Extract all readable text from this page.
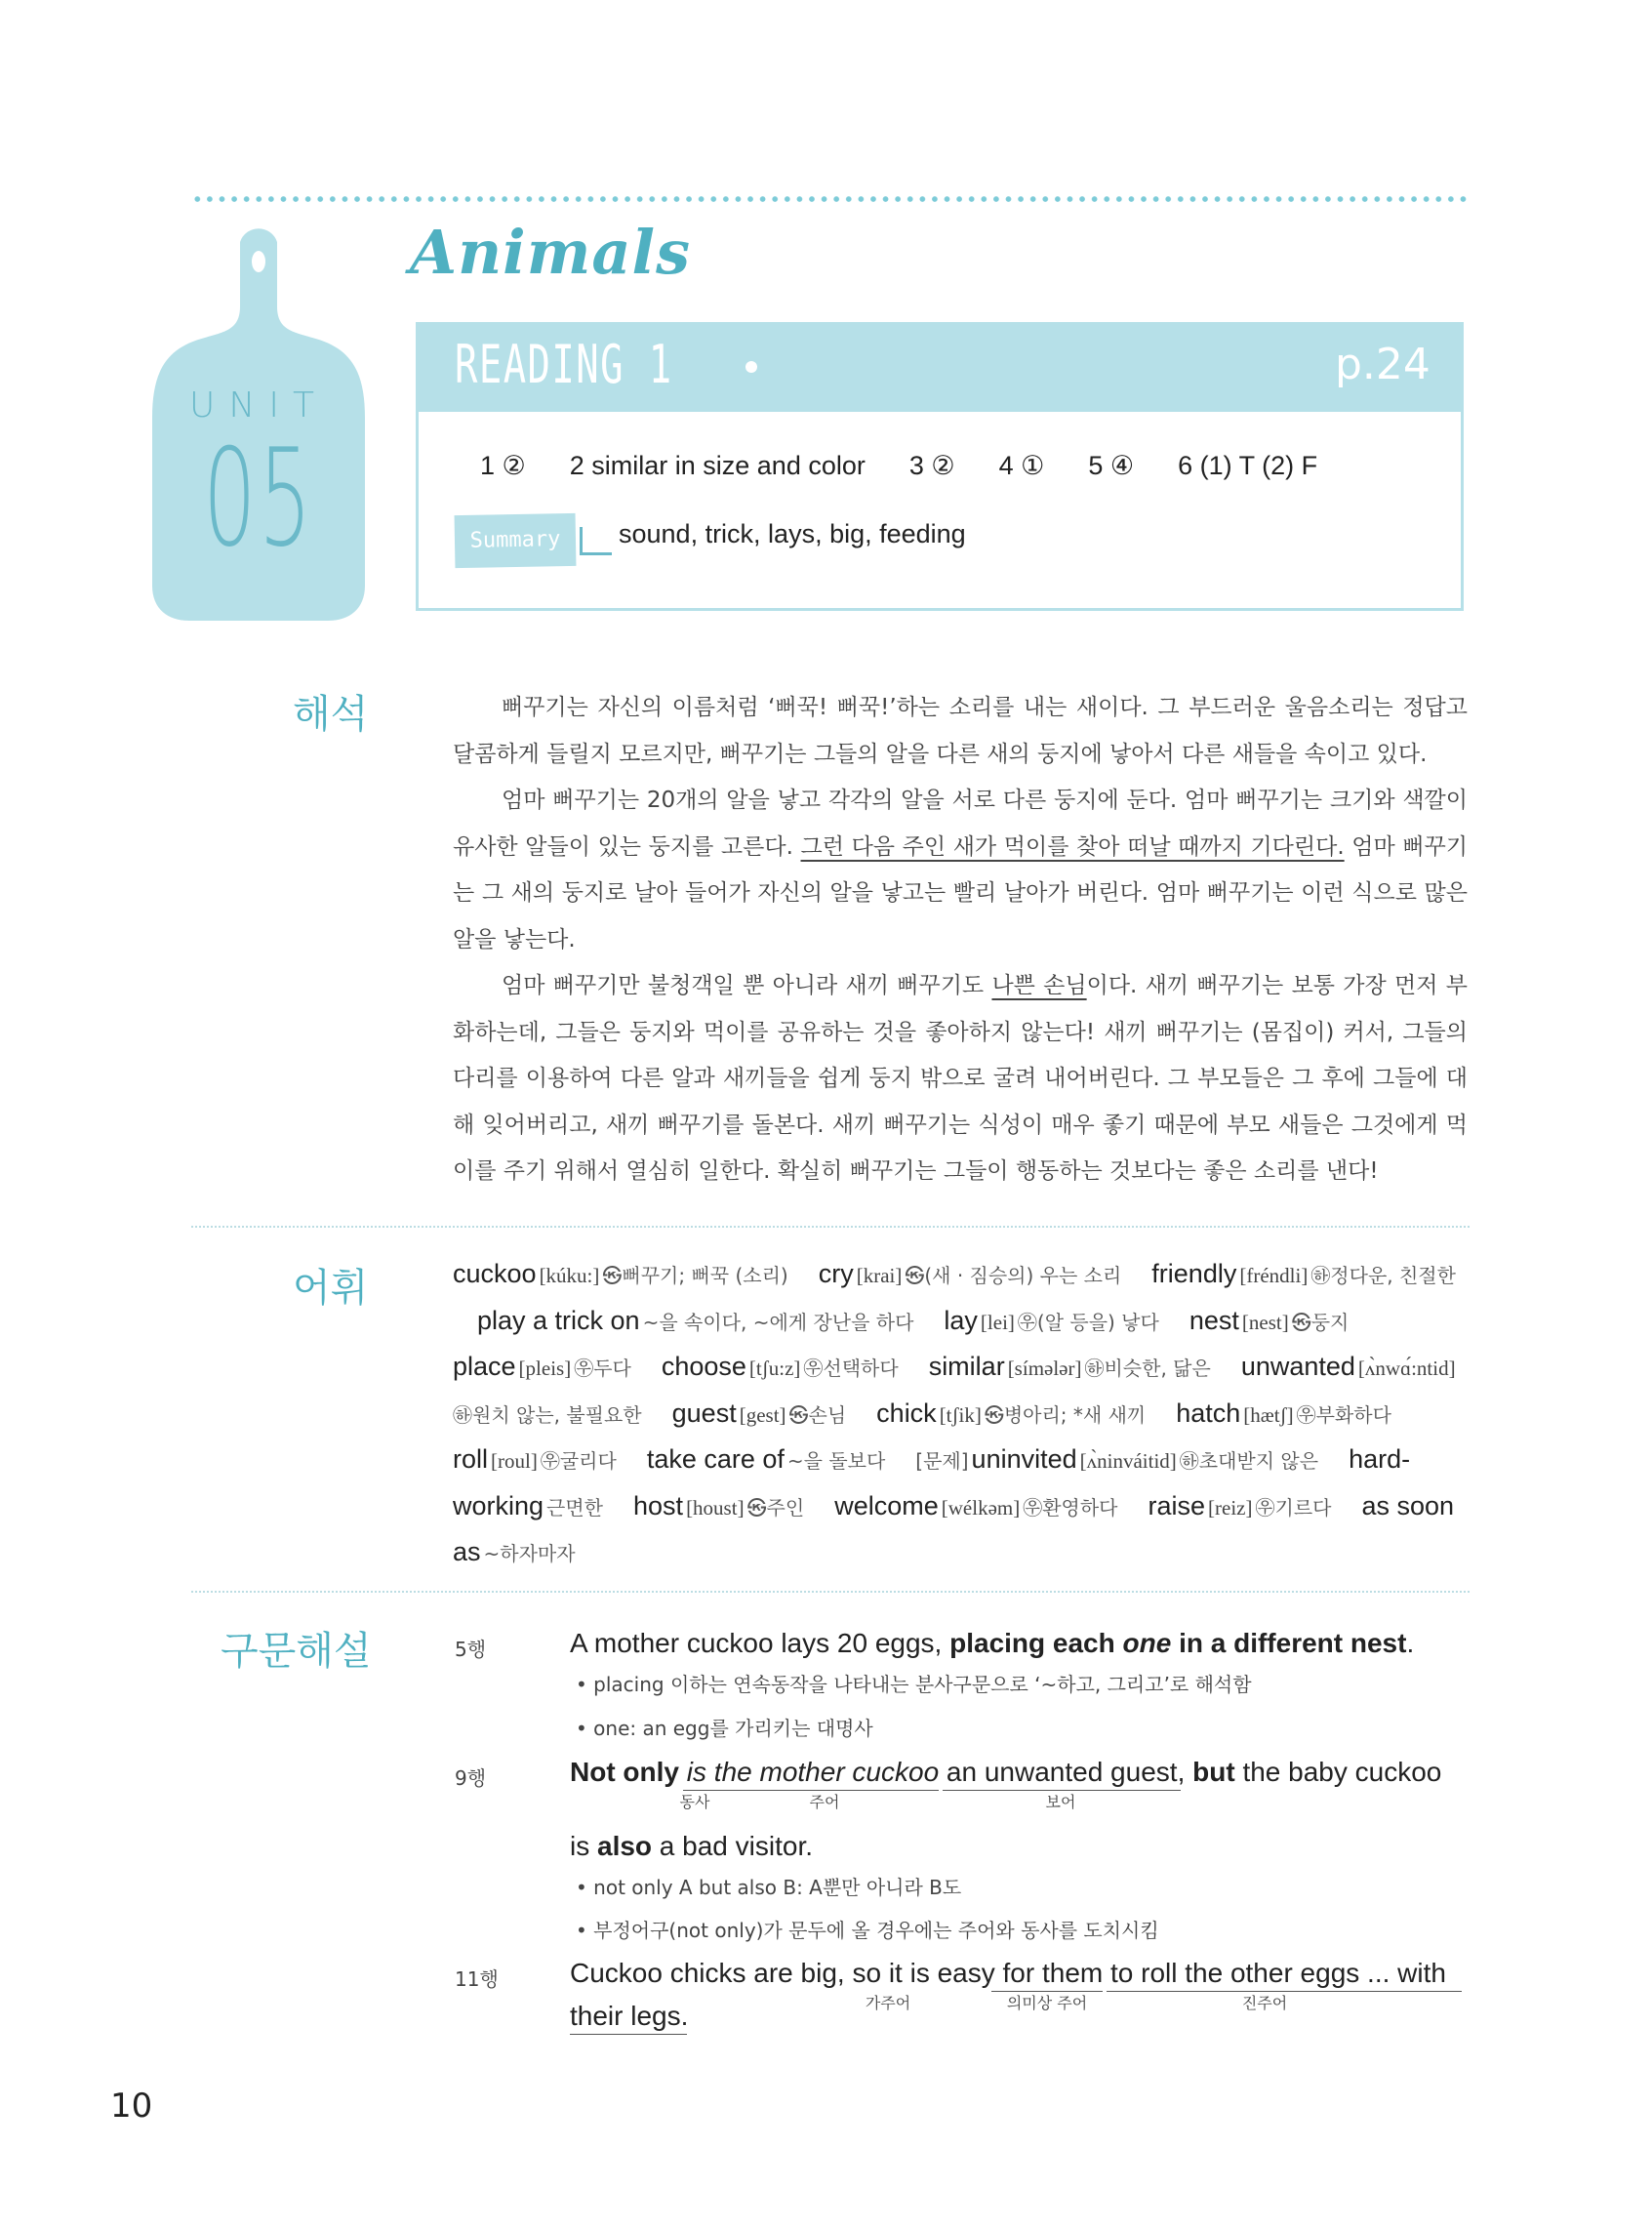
UNIT
05
Animals
READING 1	p.24
1 ② 2 similar in size and color 3 ② 4 ① 5 ④ 6 (1) T (2) F
Summary	sound, trick, lays, big, feeding
해석	뻐꾸기는 자신의 이름처럼 ‘뻐꾹! 뻐꾹!’하는 소리를 내는 새이다. 그 부드러운 울음소리는 정답고 달콤하게 들릴지 모르지만, 뻐꾸기는 그들의 알을 다른 새의 둥지에 낳아서 다른 새들을 속이고 있다.

엄마 뻐꾸기는 20개의 알을 낳고 각각의 알을 서로 다른 둥지에 둔다. 엄마 뻐꾸기는 크기와 색깔이 유사한 알들이 있는 둥지를 고른다. 그런 다음 주인 새가 먹이를 찾아 떠날 때까지 기다린다. 엄마 뻐꾸기는 그 새의 둥지로 날아 들어가 자신의 알을 낳고는 빨리 날아가 버린다. 엄마 뻐꾸기는 이런 식으로 많은 알을 낳는다.

엄마 뻐꾸기만 불청객일 뿐 아니라 새끼 뻐꾸기도 나쁜 손님이다. 새끼 뻐꾸기는 보통 가장 먼저 부화하는데, 그들은 둥지와 먹이를 공유하는 것을 좋아하지 않는다! 새끼 뻐꾸기는 (몸집이) 커서, 그들의 다리를 이용하여 다른 알과 새끼들을 쉽게 둥지 밖으로 굴려 내어버린다. 그 부모들은 그 후에 그들에 대해 잊어버리고, 새끼 뻐꾸기를 돌본다. 새끼 뻐꾸기는 식성이 매우 좋기 때문에 부모 새들은 그것에게 먹이를 주기 위해서 열심히 일한다. 확실히 뻐꾸기는 그들이 행동하는 것보다는 좋은 소리를 낸다!

어휘	cuckoo [kúku:] ㉿뻐꾸기; 뻐꾹 (소리) cry [krai] ㉿(새 · 짐승의) 우는 소리 friendly [fréndli] ㉻정다운, 친절한play a trick on ~을 속이다, ~에게 장난을 하다 lay [lei] ㉾(알 등을) 낳다 nest [nest] ㉿둥지place [pleis] ㉾두다 choose [tʃu:z] ㉾선택하다 similar [símələr] ㉻비슷한, 닮은 unwanted [ʌ̀nwɑ́:ntid]㉻원치 않는, 불필요한 guest [gest] ㉿손님 chick [tʃik] ㉿병아리; *새 새끼 hatch [hætʃ] ㉾부화하다roll [roul] ㉾굴리다 take care of ~을 돌보다 [문제] uninvited [ʌ̀ninváitid] ㉻초대받지 않은 hard-working 근면한 host [houst] ㉿주인 welcome [wélkəm] ㉾환영하다 raise [reiz] ㉾기르다 as soon as ~하자마자
구문해설	5행	A mother cuckoo lays 20 eggs, placing each one in a different nest.
• placing 이하는 연속동작을 나타내는 분사구문으로 ‘~하고, 그리고’로 해석함
• one: an egg를 가리키는 대명사
9행	Not only is the mother cuckoo an unwanted guest, but the baby cuckoo
동사	주어	보어
is also a bad visitor.
• not only A but also B: A뿐만 아니라 B도
• 부정어구(not only)가 문두에 올 경우에는 주어와 동사를 도치시킴
11행	Cuckoo chicks are big, so it is easy for them to roll the other eggs ... with
가주어	의미상 주어	진주어
their legs.
10
